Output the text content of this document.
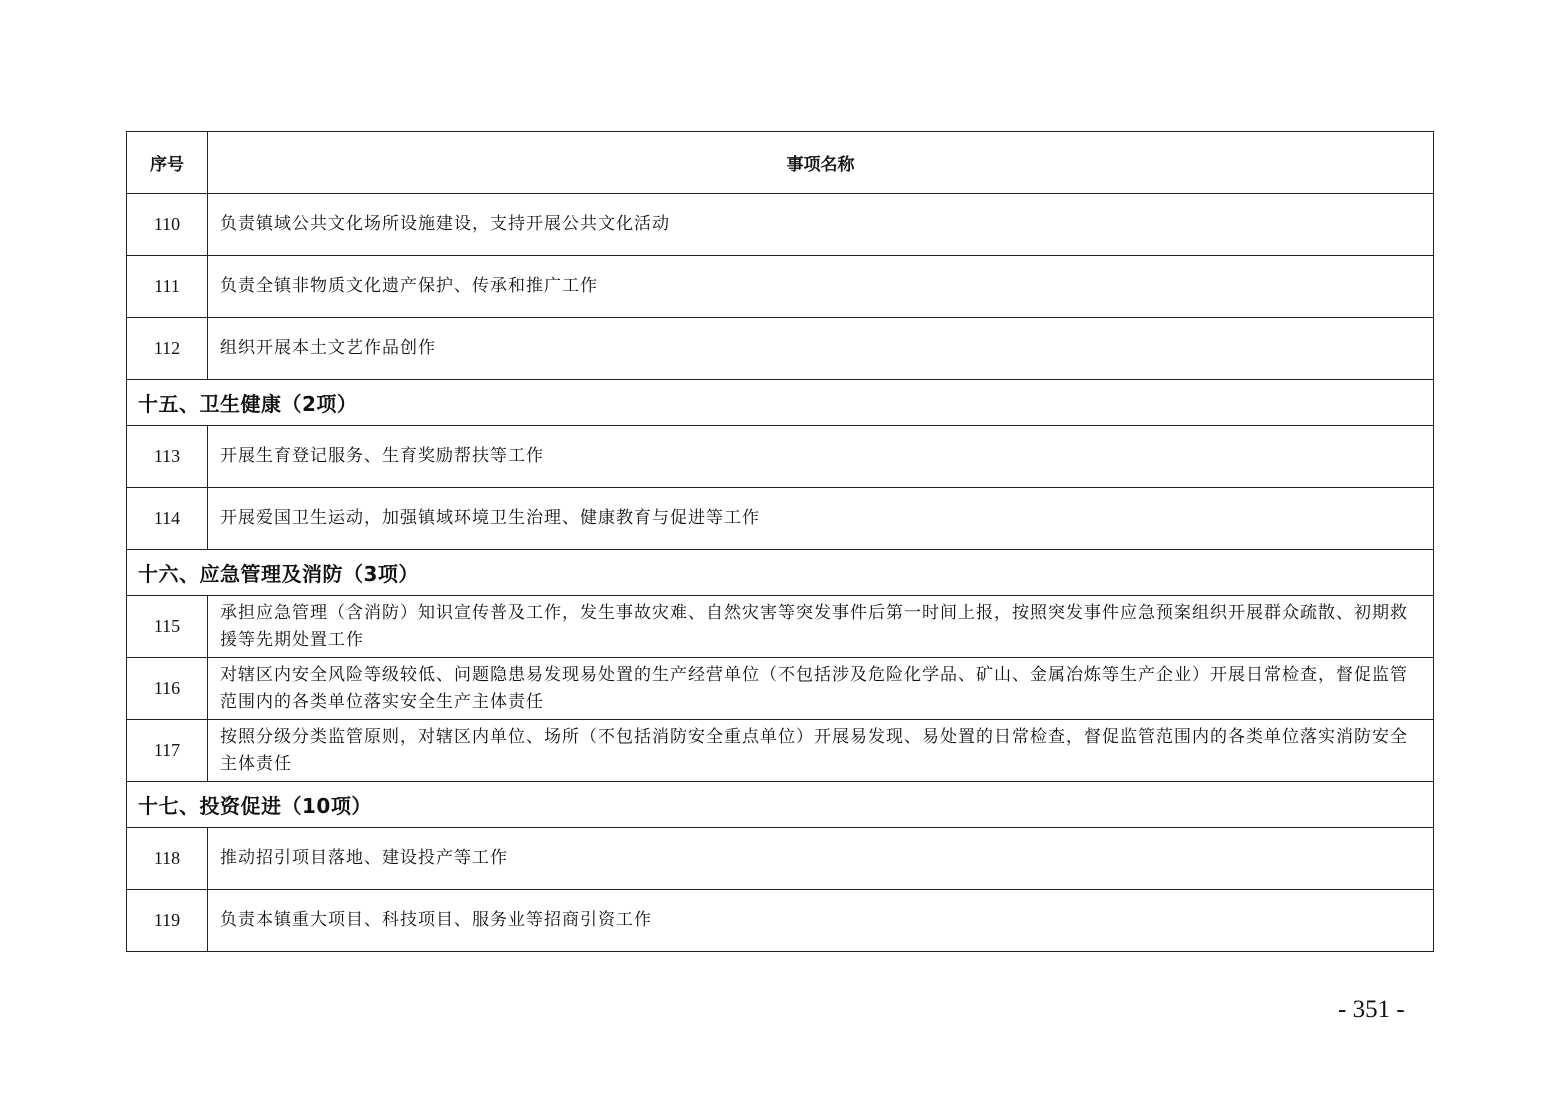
序号	事项名称
110	负责镇域公共文化场所设施建设，支持开展公共文化活动
111	负责全镇非物质文化遗产保护、传承和推广工作
112	组织开展本土文艺作品创作
十五、卫生健康（2项）	
113	开展生育登记服务、生育奖励帮扶等工作
114	开展爱国卫生运动，加强镇域环境卫生治理、健康教育与促进等工作
十六、应急管理及消防（3项）	
115	承担应急管理（含消防）知识宣传普及工作，发生事故灾难、自然灾害等突发事件后第一时间上报，按照突发事件应急预案组织开展群众疏散、初期救援等先期处置工作
116	对辖区内安全风险等级较低、问题隐患易发现易处置的生产经营单位（不包括涉及危险化学品、矿山、金属冶炼等生产企业）开展日常检查，督促监管范围内的各类单位落实安全生产主体责任
117	按照分级分类监管原则，对辖区内单位、场所（不包括消防安全重点单位）开展易发现、易处置的日常检查，督促监管范围内的各类单位落实消防安全主体责任
十七、投资促进（10项）	
118	推动招引项目落地、建设投产等工作
119	负责本镇重大项目、科技项目、服务业等招商引资工作
- 351 -
